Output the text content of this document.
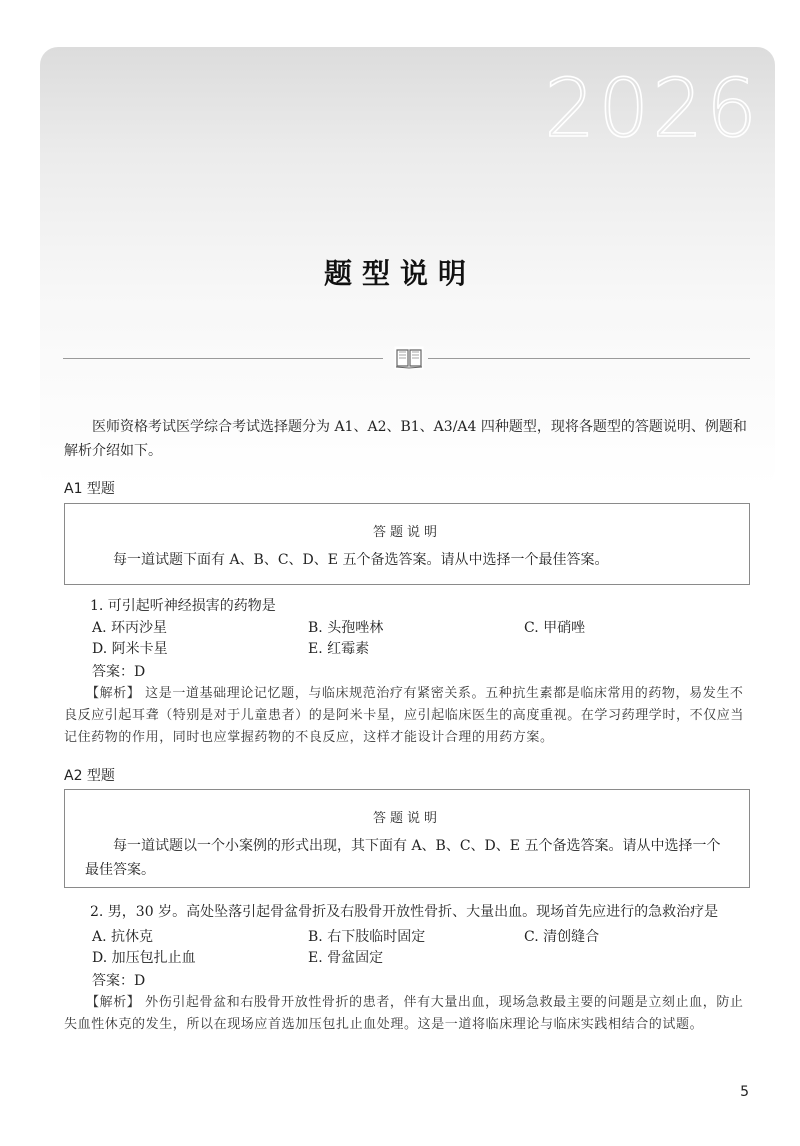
2026
题型说明

医师资格考试医学综合考试选择题分为 A1、A2、B1、A3/A4 四种题型，现将各题型的答题说明、例题和解析介绍如下。

A1 型题
答题说明
每一道试题下面有 A、B、C、D、E 五个备选答案。请从中选择一个最佳答案。
1. 可引起听神经损害的药物是
A. 环丙沙星	B. 头孢唑林	C. 甲硝唑
D. 阿米卡星	E. 红霉素
答案：D

【解析】 这是一道基础理论记忆题，与临床规范治疗有紧密关系。五种抗生素都是临床常用的药物，易发生不良反应引起耳聋（特别是对于儿童患者）的是阿米卡星，应引起临床医生的高度重视。在学习药理学时，不仅应当记住药物的作用，同时也应掌握药物的不良反应，这样才能设计合理的用药方案。

A2 型题
答题说明
每一道试题以一个小案例的形式出现，其下面有 A、B、C、D、E 五个备选答案。请从中选择一个最佳答案。
2. 男，30 岁。高处坠落引起骨盆骨折及右股骨开放性骨折、大量出血。现场首先应进行的急救治疗是
A. 抗休克	B. 右下肢临时固定	C. 清创缝合
D. 加压包扎止血	E. 骨盆固定
答案：D

【解析】 外伤引起骨盆和右股骨开放性骨折的患者，伴有大量出血，现场急救最主要的问题是立刻止血，防止失血性休克的发生，所以在现场应首选加压包扎止血处理。这是一道将临床理论与临床实践相结合的试题。

5
